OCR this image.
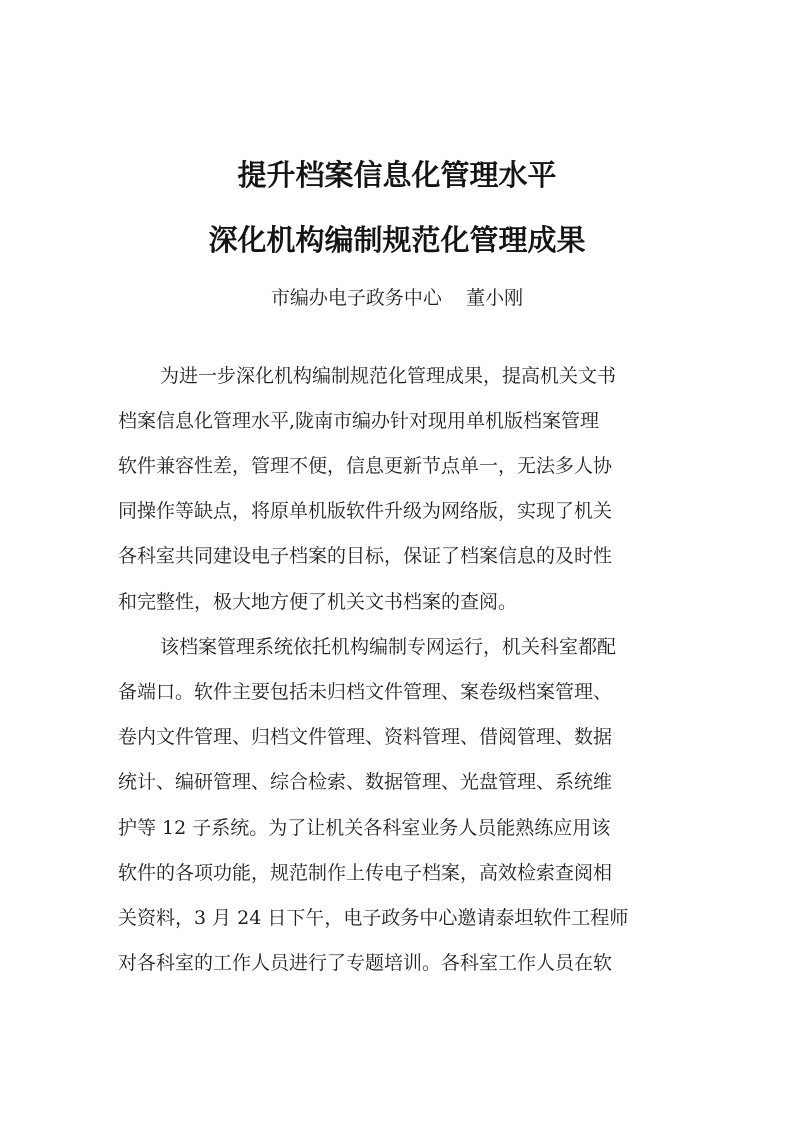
提升档案信息化管理水平
深化机构编制规范化管理成果
市编办电子政务中心    董小刚
为进一步深化机构编制规范化管理成果，提高机关文书
档案信息化管理水平,陇南市编办针对现用单机版档案管理
软件兼容性差，管理不便，信息更新节点单一，无法多人协
同操作等缺点，将原单机版软件升级为网络版，实现了机关
各科室共同建设电子档案的目标，保证了档案信息的及时性
和完整性，极大地方便了机关文书档案的查阅。
该档案管理系统依托机构编制专网运行，机关科室都配
备端口。软件主要包括未归档文件管理、案卷级档案管理、
卷内文件管理、归档文件管理、资料管理、借阅管理、数据
统计、编研管理、综合检索、数据管理、光盘管理、系统维
护等 12 子系统。为了让机关各科室业务人员能熟练应用该
软件的各项功能，规范制作上传电子档案，高效检索查阅相
关资料，3 月 24 日下午，电子政务中心邀请泰坦软件工程师
对各科室的工作人员进行了专题培训。各科室工作人员在软
